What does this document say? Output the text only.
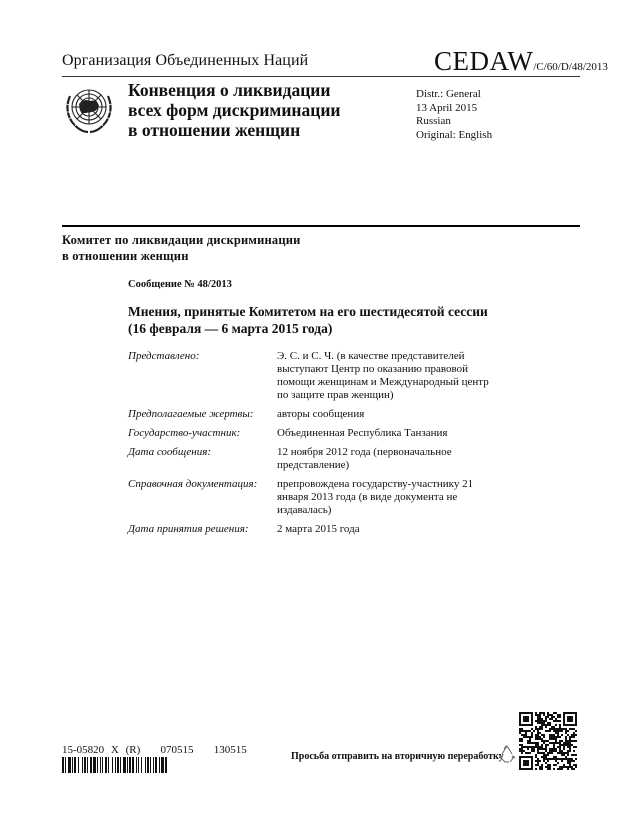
Организация Объединенных Наций	CEDAW/C/60/D/48/2013
Конвенция о ликвидации
всех форм дискриминации
в отношении женщин
Distr.: General
13 April 2015
Russian
Original: English
Комитет по ликвидации дискриминации
в отношении женщин
Сообщение № 48/2013
Мнения, принятые Комитетом на его шестидесятой сессии
(16 февраля — 6 марта 2015 года)
Представлено:	Э. С. и С. Ч. (в качестве представителей выступают Центр по оказанию правовой помощи женщинам и Международный центр по защите прав женщин)
Предполагаемые жертвы:	авторы сообщения
Государство-участник:	Объединенная Республика Танзания
Дата сообщения:	12 ноября 2012 года (первоначальное представление)
Справочная документация:	препровождена государству-участнику 21 января 2013 года (в виде документа не издавалась)
Дата принятия решения:	2 марта 2015 года
15-05820 X (R)   070515   130515
Просьба отправить на вторичную переработку
